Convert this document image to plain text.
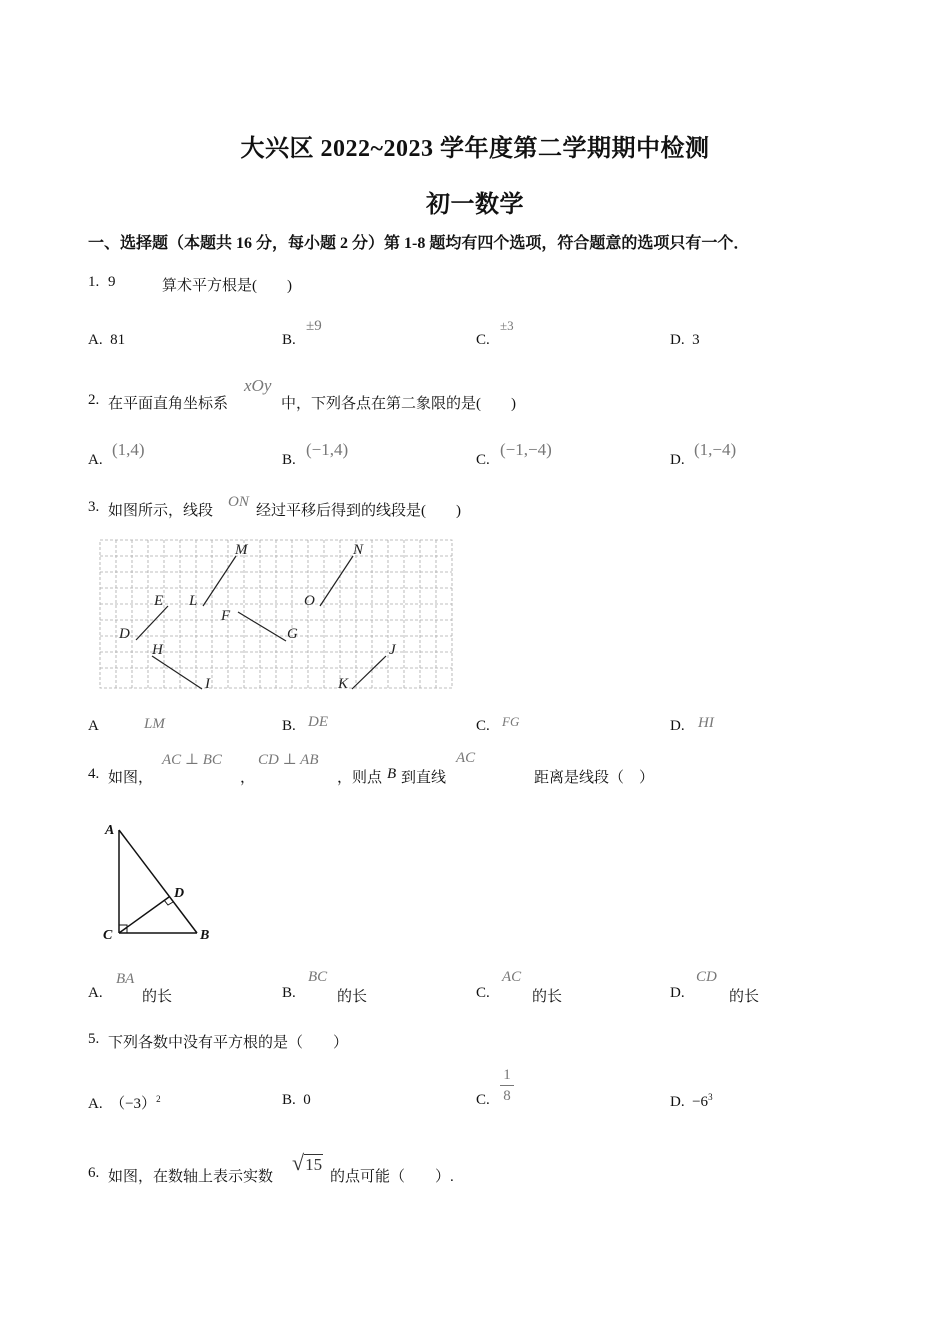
大兴区 2022~2023 学年度第二学期期中检测
初一数学
一、选择题（本题共 16 分，每小题 2 分）第 1-8 题均有四个选项，符合题意的选项只有一个．
1. 9	算术平方根是(　　)
A. 81	B.
±9
C.
±3
D. 3
2. 在平面直角坐标系
xOy
中，下列各点在第二象限的是(　　)
A.
(1,4)
B.
(−1,4)
C.
(−1,−4)
D.
(1,−4)
3. 如图所示，线段
ON
经过平移后得到的线段是(　　)
M	N
L	O
E
F
G
D
H	J
I	K
A	LM	B. DE	C. FG	D. HI
4. 如图，
AC ⊥ BC
，
CD ⊥ AB
，则点 B 到直线
AC
距离是线段（　）
A
D
C	B
A.
BA
的长	B.
BC
的长	C.
AC
的长	D.
CD
的长
5. 下列各数中没有平方根的是（　　）
A. $(-3)^2$	B. 0	C.
1
8	D. $-6^3$
6. 如图，在数轴上表示实数
√15
的点可能（　　）.
